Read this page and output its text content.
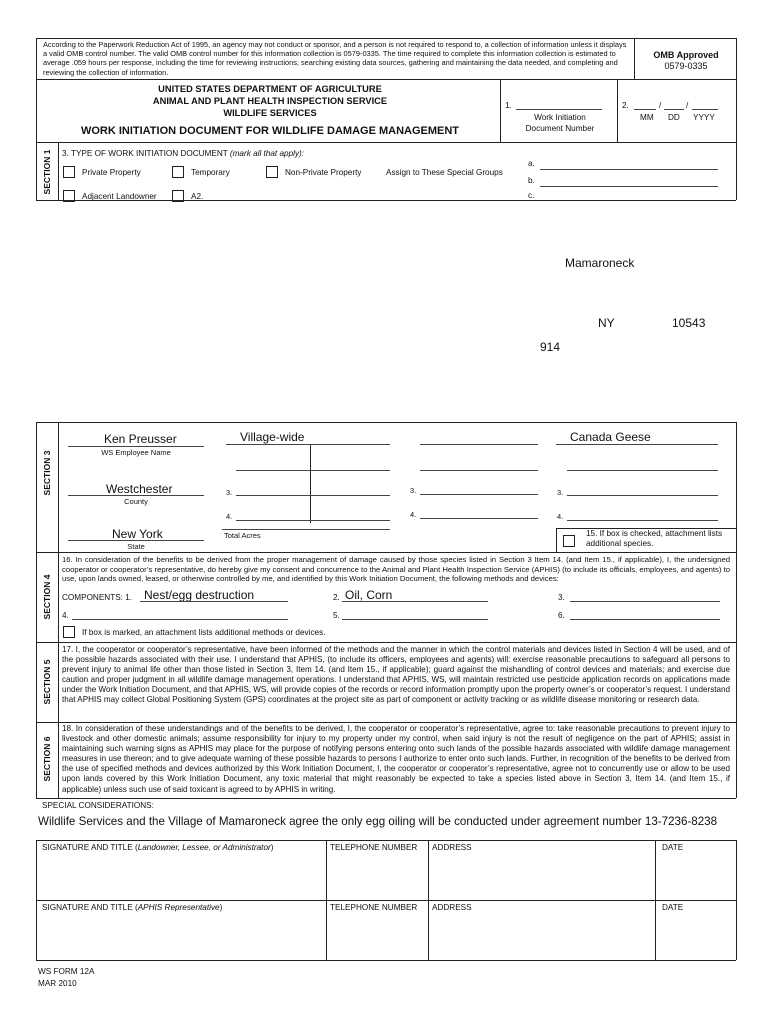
According to the Paperwork Reduction Act of 1995, an agency may not conduct or sponsor, and a person is not required to respond to, a collection of information unless it displays a valid OMB control number. The valid OMB control number for this information collection is 0579-0335. The time required to complete this information collection is estimated to average .059 hours per response, including the time for reviewing instructions, searching existing data sources, gathering and maintaining the data needed, and completing and reviewing the collection of information.
OMB Approved
0579-0335
UNITED STATES DEPARTMENT OF AGRICULTURE
ANIMAL AND PLANT HEALTH INSPECTION SERVICE
WILDLIFE SERVICES
WORK INITIATION DOCUMENT FOR WILDLIFE DAMAGE MANAGEMENT
1.
Work Initiation
Document Number
2.	/	/
MM DD YYYY
SECTION 1 3. TYPE OF WORK INITIATION DOCUMENT (mark all that apply):
Private Property	Temporary	Non-Private Property	Assign to These Special Groups
Adjacent Landowner	A2.
a.
b.
c.
Mamaroneck
NY	10543
914
SECTION 3
Ken Preusser
WS Employee Name
Village-wide	Canada Geese
Westchester
County
3.	3.	3.
4.	4.	4.
New York
State
Total Acres	15. If box is checked, attachment lists additional species.
SECTION 4
16. In consideration of the benefits to be derived from the proper management of damage caused by those species listed in Section 3 Item 14. (and Item 15., if applicable), I, the undersigned cooperator or cooperator’s representative, do hereby give my consent and concurrence to the Animal and Plant Health Inspection Service (APHIS) (to include its officials, employees, and agents) to use, upon lands owned, leased, or otherwise controlled by me, and identified by this Work Initiation Document, the following methods and devices:
COMPONENTS: 1. Nest/egg destruction	2. Oil, Corn	3.
4.	5.	6.
If box is marked, an attachment lists additional methods or devices.
SECTION 5
17. I, the cooperator or cooperator’s representative, have been informed of the methods and the manner in which the control materials and devices listed in Section 4 will be used, and of the possible hazards associated with their use. I understand that APHIS, (to include its officers, employees and agents) will: exercise reasonable precautions to safeguard all persons to prevent injury to animal life other than those listed in Section 3, Item 14. (and Item 15., if applicable); guard against the mishandling of control devices and materials; and exercise due caution and proper judgment in all wildlife damage management operations. I understand that APHIS, WS, will maintain restricted use pesticide application records on applications made under the Work Initiation Document, and that APHIS, WS, will provide copies of the records or record information promptly upon the property owner’s or cooperator’s request. I understand that APHIS may collect Global Positioning System (GPS) coordinates at the project site as part of component or activity tracking or as wildlife disease monitoring or research data.
SECTION 6
18. In consideration of these understandings and of the benefits to be derived, I, the cooperator or cooperator’s representative, agree to: take reasonable precautions to prevent injury to livestock and other domestic animals; assume responsibility for injury to my property under my control, when said injury is not the result of negligence on the part of APHIS; assist in maintaining such warning signs as APHIS may place for the purpose of notifying persons entering onto such lands of the possible hazards associated with wildlife damage management measures in use thereon; and to give adequate warning of these possible hazards to persons I authorize to enter onto such lands. Further, in recognition of the benefits to be derived from the use of specified methods and devices authorized by this Work Initiation Document, I, the cooperator or cooperator’s representative, agree not to concurrently use or allow to be used upon lands covered by this Work Initiation Document, any toxic material that might reasonably be expected to take a species listed above in Section 3, Item 14. (and Item 15., if applicable) unless such use of said toxicant is agreed to by APHIS in writing.
SPECIAL CONSIDERATIONS:
Wildlife Services and the Village of Mamaroneck agree the only egg oiling will be conducted under agreement number 13-7236-8238
SIGNATURE AND TITLE (Landowner, Lessee, or Administrator)	TELEPHONE NUMBER	ADDRESS	DATE
SIGNATURE AND TITLE (APHIS Representative)	TELEPHONE NUMBER	ADDRESS	DATE
WS FORM 12A
MAR 2010
